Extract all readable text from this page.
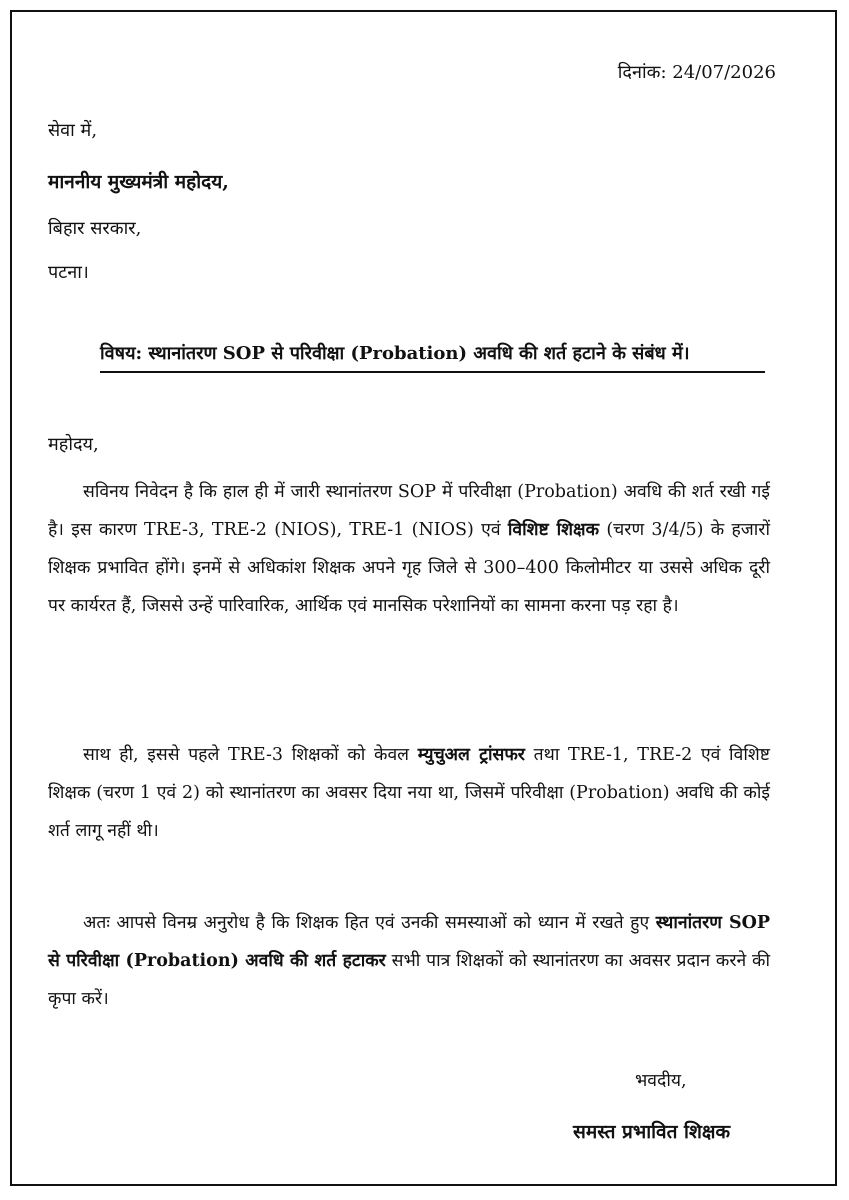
दिनांक: 24/07/2026
सेवा में,
माननीय मुख्यमंत्री महोदय,
बिहार सरकार,
पटना।
विषय: स्थानांतरण SOP से परिवीक्षा (Probation) अवधि की शर्त हटाने के संबंध में।
महोदय,
सविनय निवेदन है कि हाल ही में जारी स्थानांतरण SOP में परिवीक्षा (Probation) अवधि की शर्त रखी गई है। इस कारण TRE-3, TRE-2 (NIOS), TRE-1 (NIOS) एवं विशिष्ट शिक्षक (चरण 3/4/5) के हजारों शिक्षक प्रभावित होंगे। इनमें से अधिकांश शिक्षक अपने गृह जिले से 300–400 किलोमीटर या उससे अधिक दूरी पर कार्यरत हैं, जिससे उन्हें पारिवारिक, आर्थिक एवं मानसिक परेशानियों का सामना करना पड़ रहा है।
साथ ही, इससे पहले TRE-3 शिक्षकों को केवल म्युचुअल ट्रांसफर तथा TRE-1, TRE-2 एवं विशिष्ट शिक्षक (चरण 1 एवं 2) को स्थानांतरण का अवसर दिया नया था, जिसमें परिवीक्षा (Probation) अवधि की कोई शर्त लागू नहीं थी।
अतः आपसे विनम्र अनुरोध है कि शिक्षक हित एवं उनकी समस्याओं को ध्यान में रखते हुए स्थानांतरण SOP से परिवीक्षा (Probation) अवधि की शर्त हटाकर सभी पात्र शिक्षकों को स्थानांतरण का अवसर प्रदान करने की कृपा करें।
भवदीय,
समस्त प्रभावित शिक्षक
